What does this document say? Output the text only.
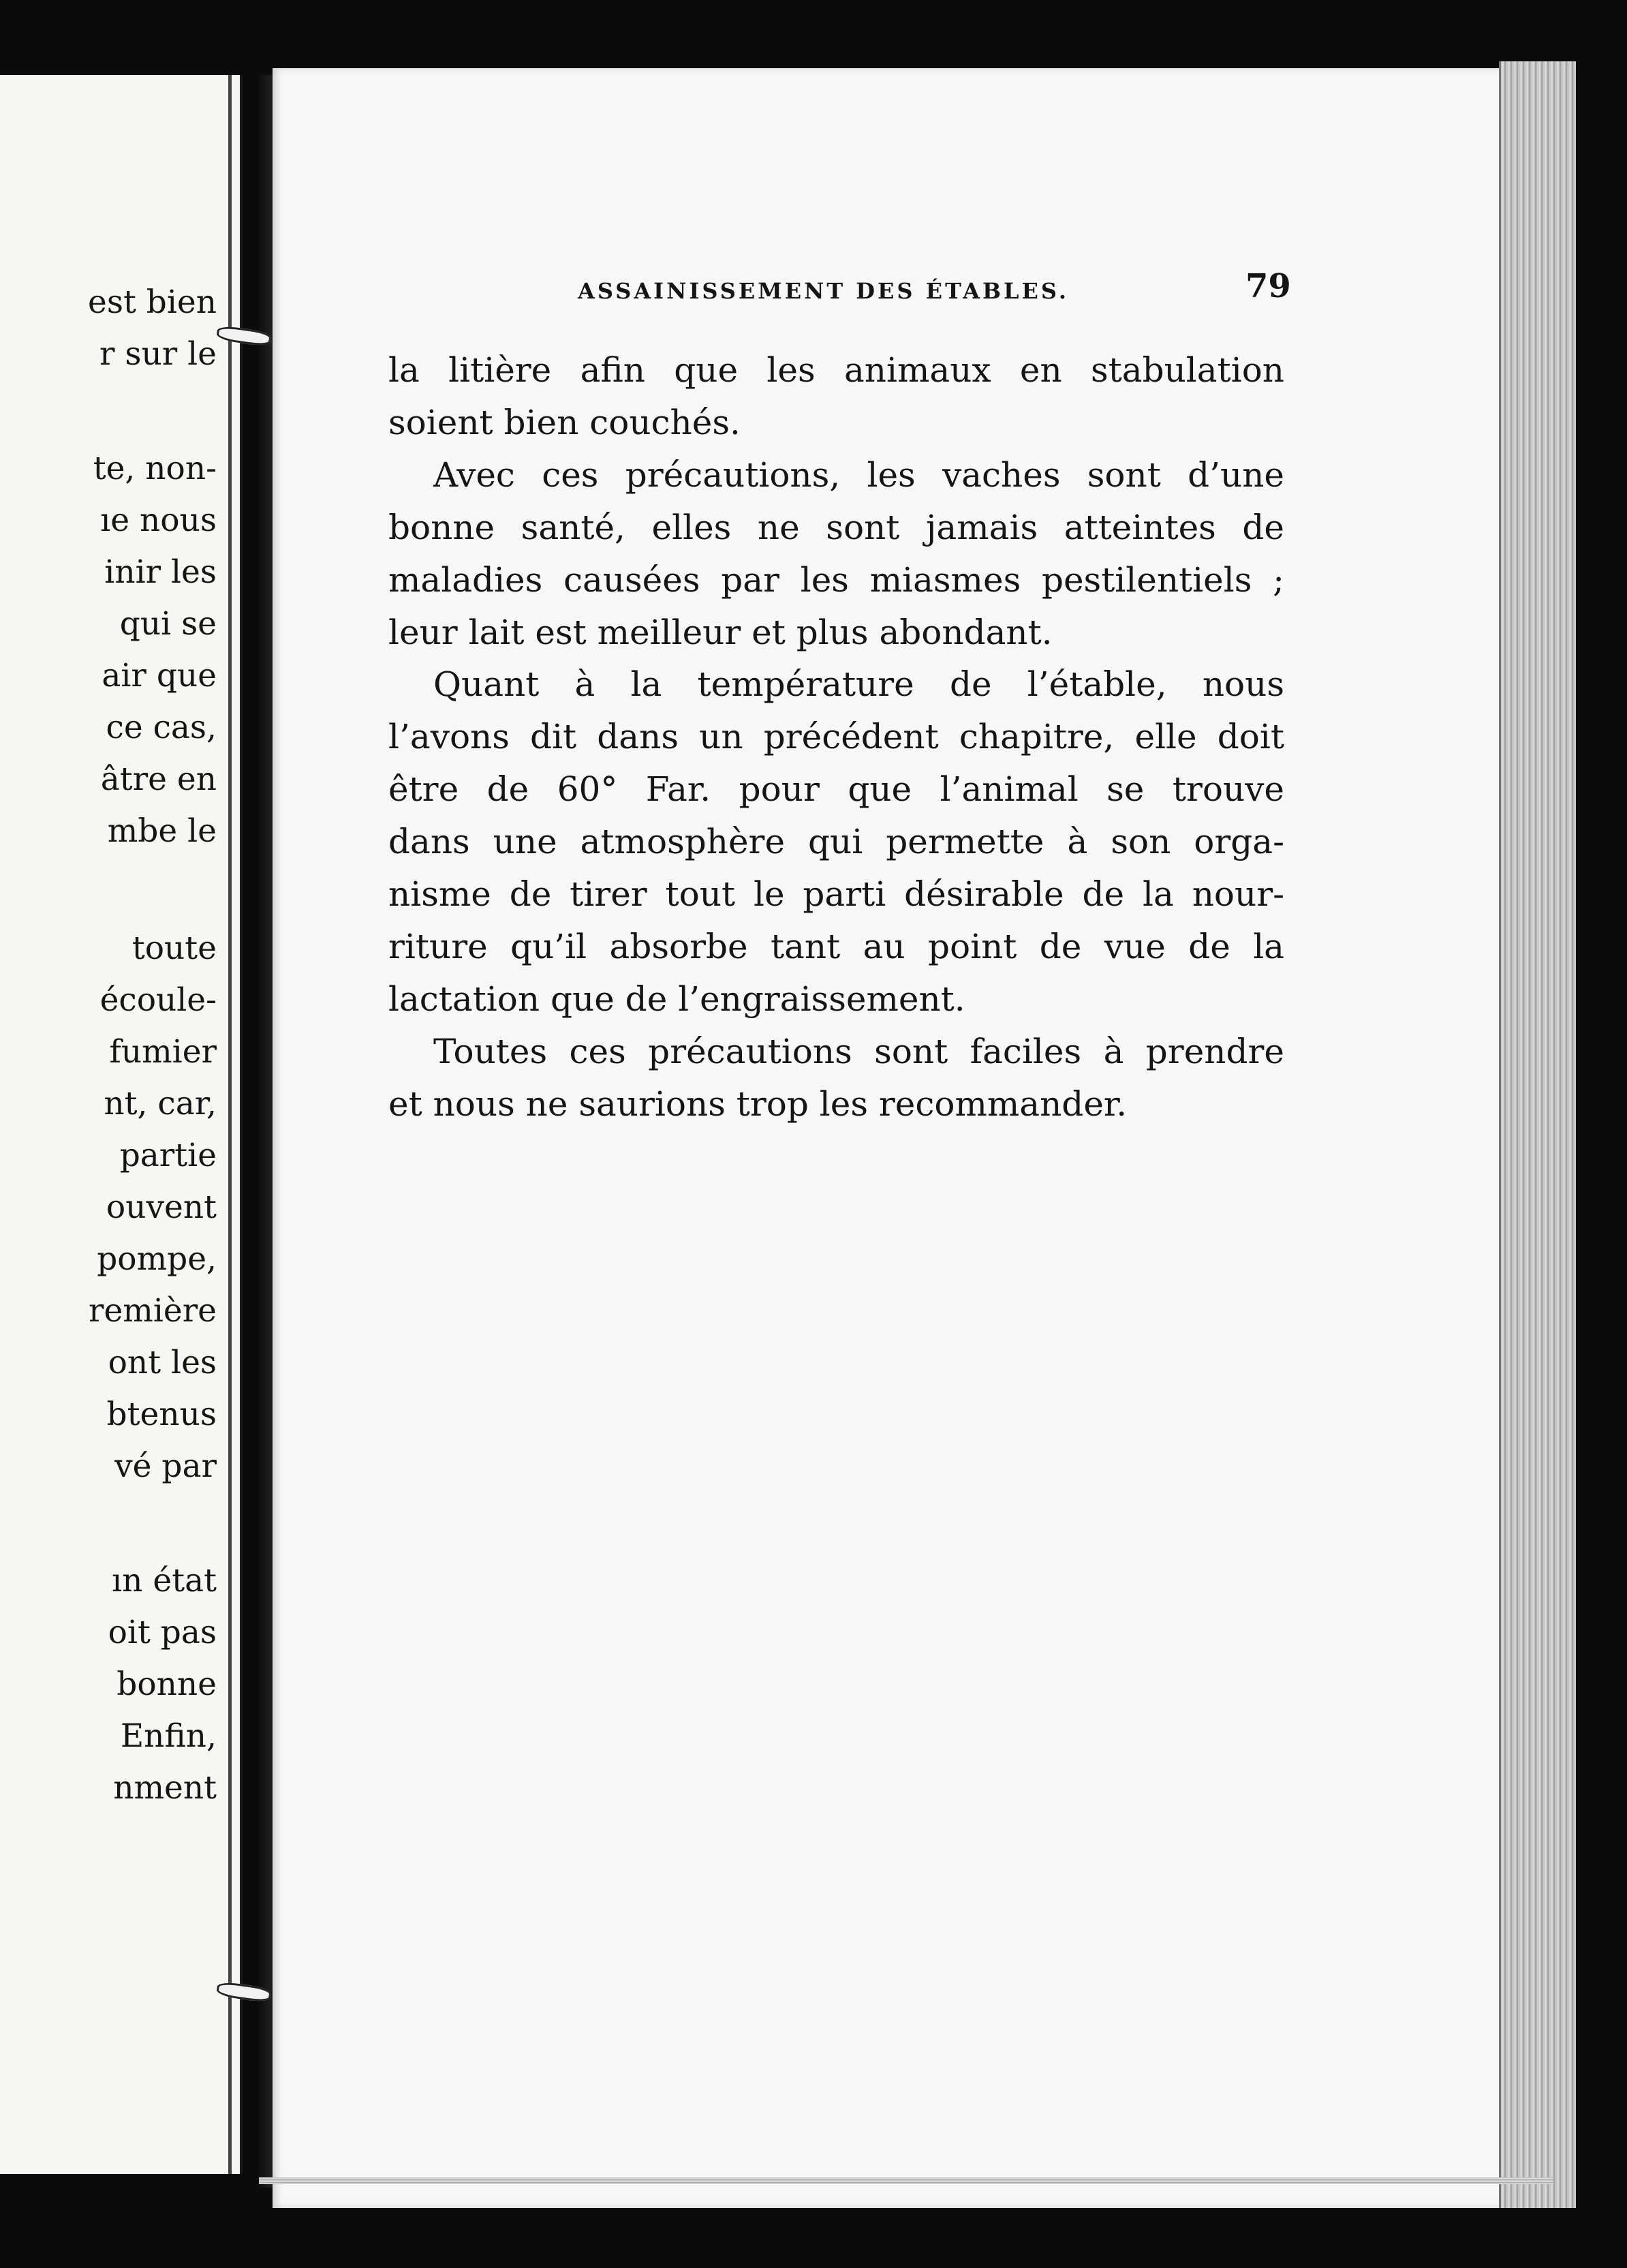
est bien
r sur le
te, non-
ıe nous
inir les
qui se
air que
ce cas,
âtre en
mbe le
toute
écoule-
fumier
nt, car,
partie
ouvent
pompe,
remière
ont les
btenus
vé par
ın état
oit pas
bonne
Enfin,
nment
ASSAINISSEMENT DES ÉTABLES.	79
la litière afin que les animaux en stabulation
soient bien couchés.
Avec ces précautions, les vaches sont d’une
bonne santé, elles ne sont jamais atteintes de
maladies causées par les miasmes pestilentiels ;
leur lait est meilleur et plus abondant.
Quant à la température de l’étable, nous
l’avons dit dans un précédent chapitre, elle doit
être de 60° Far. pour que l’animal se trouve
dans une atmosphère qui permette à son orga-
nisme de tirer tout le parti désirable de la nour-
riture qu’il absorbe tant au point de vue de la
lactation que de l’engraissement.
Toutes ces précautions sont faciles à prendre
et nous ne saurions trop les recommander.
